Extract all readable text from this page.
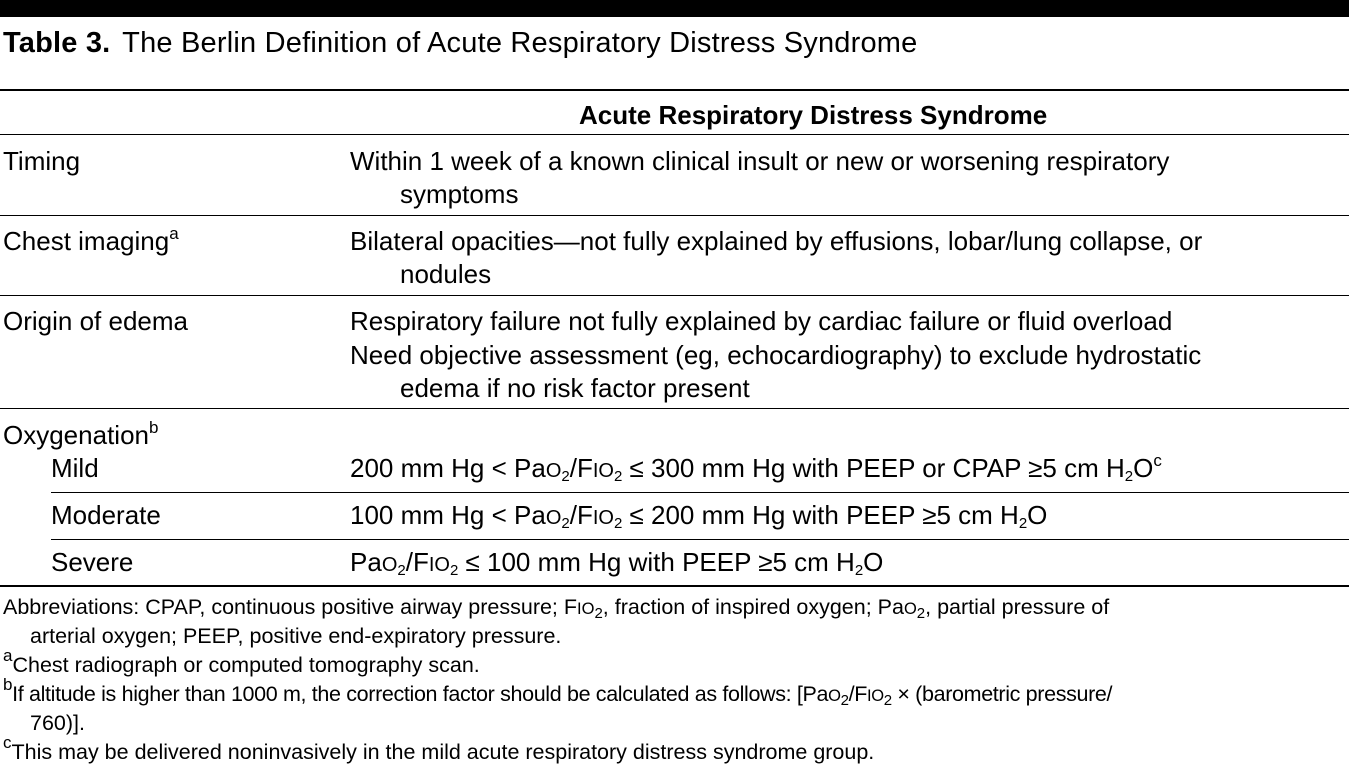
Table 3. The Berlin Definition of Acute Respiratory Distress Syndrome
Acute Respiratory Distress Syndrome
Timing	Within 1 week of a known clinical insult or new or worsening respiratory
symptoms
Chest imaging$^a$	Bilateral opacities—not fully explained by effusions, lobar/lung collapse, or
nodules
Origin of edema	Respiratory failure not fully explained by cardiac failure or fluid overload
Need objective assessment (eg, echocardiography) to exclude hydrostatic
edema if no risk factor present
Oxygenation$^b$
Mild	200 mm $Hg < PaO_2/FIO_2 \le 300$ mm Hg with PEEP or CPAP ≥5 cm $H_2O^c$
Moderate	100 mm $Hg < PaO_2/FIO_2 \le 200$ mm Hg with PEEP ≥5 cm $H_2O$
Severe	$PaO_2/FIO_2 \le 100$ mm Hg with PEEP ≥5 cm $H_2O$
Abbreviations: CPAP, continuous positive airway pressure; $FIO_2$, fraction of inspired oxygen; PaO$_2$, partial pressure of
arterial oxygen; PEEP, positive end-expiratory pressure.
$^a$Chest radiograph or computed tomography scan.
$^b$If altitude is higher than 1000 m, the correction factor should be calculated as follows: [$PaO_2/FIO_2$ × (barometric pressure/
760)].
$^c$This may be delivered noninvasively in the mild acute respiratory distress syndrome group.
